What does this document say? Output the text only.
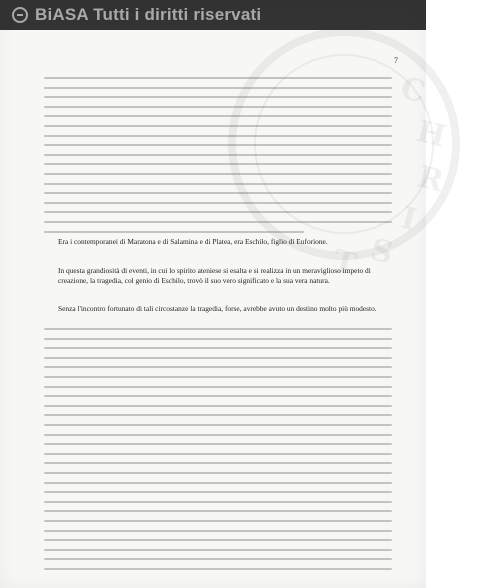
C
H
R
I
S
T
BiASA Tutti i diritti riservati
7
Era i contemporanei di Maratona e di Salamina e di Platea, era Eschilo, figlio di Euforione.
In questa grandiosità di eventi, in cui lo spirito ateniese si esalta e si realizza in un meraviglioso impeto di creazione, la tragedia, col genio di Eschilo, trovò il suo vero significato e la sua vera natura.
Senza l'incontro fortunato di tali circostanze la tragedia, forse, avrebbe avuto un destino molto più modesto.
